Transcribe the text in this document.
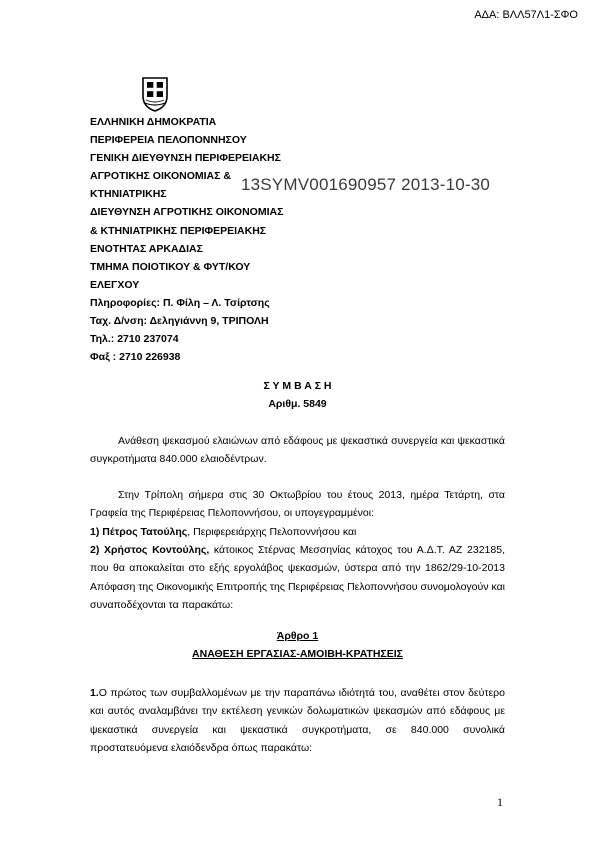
ΑΔΑ: ΒΛΛ57Λ1-ΣΦΟ
ΕΛΛΗΝΙΚΗ ΔΗΜΟΚΡΑΤΙΑ
ΠΕΡΙΦΕΡΕΙΑ ΠΕΛΟΠΟΝΝΗΣΟΥ
ΓΕΝΙΚΗ ΔΙΕΥΘΥΝΣΗ ΠΕΡΙΦΕΡΕΙΑΚΗΣ
ΑΓΡΟΤΙΚΗΣ ΟΙΚΟΝΟΜΙΑΣ &
ΚΤΗΝΙΑΤΡΙΚΗΣ
ΔΙΕΥΘΥΝΣΗ ΑΓΡΟΤΙΚΗΣ ΟΙΚΟΝΟΜΙΑΣ
& ΚΤΗΝΙΑΤΡΙΚΗΣ ΠΕΡΙΦΕΡΕΙΑΚΗΣ
ΕΝΟΤΗΤΑΣ ΑΡΚΑΔΙΑΣ
ΤΜΗΜΑ ΠΟΙΟΤΙΚΟΥ & ΦΥΤ/ΚΟΥ
ΕΛΕΓΧΟΥ
Πληροφορίες: Π. Φίλη – Λ. Τσίρτσης
Ταχ. Δ/νση: Δεληγιάννη 9, ΤΡΙΠΟΛΗ
Τηλ.: 2710 237074
Φαξ : 2710 226938
13SYMV001690957 2013-10-30
Σ Υ Μ Β Α Σ Η
Αριθμ. 5849
Ανάθεση ψεκασμού ελαιώνων από εδάφους με ψεκαστικά συνεργεία και ψεκαστικά συγκροτήματα 840.000 ελαιοδέντρων.
Στην Τρίπολη σήμερα στις 30 Οκτωβρίου του έτους 2013, ημέρα Τετάρτη, στα Γραφεία της Περιφέρειας Πελοποννήσου, οι υπογεγραμμένοι:
1) Πέτρος Τατούλης, Περιφερειάρχης Πελοποννήσου και
2) Χρήστος Κοντούλης, κάτοικος Στέρνας Μεσσηνίας κάτοχος του Α.Δ.Τ. ΑΖ 232185, που θα αποκαλείται στο εξής εργολάβος ψεκασμών, ύστερα από την 1862/29-10-2013 Απόφαση της Οικονομικής Επιτροπής της Περιφέρειας Πελοποννήσου συνομολογούν και συναποδέχονται τα παρακάτω:
Άρθρο 1
ΑΝΑΘΕΣΗ ΕΡΓΑΣΙΑΣ-ΑΜΟΙΒΗ-ΚΡΑΤΗΣΕΙΣ
1.Ο πρώτος των συμβαλλομένων με την παραπάνω ιδιότητά του, αναθέτει στον δεύτερο και αυτός αναλαμβάνει την εκτέλεση γενικών δολωματικών ψεκασμών από εδάφους με ψεκαστικά συνεργεία και ψεκαστικά συγκροτήματα, σε 840.000 συνολικά προστατευόμενα ελαιόδενδρα όπως παρακάτω:
1
